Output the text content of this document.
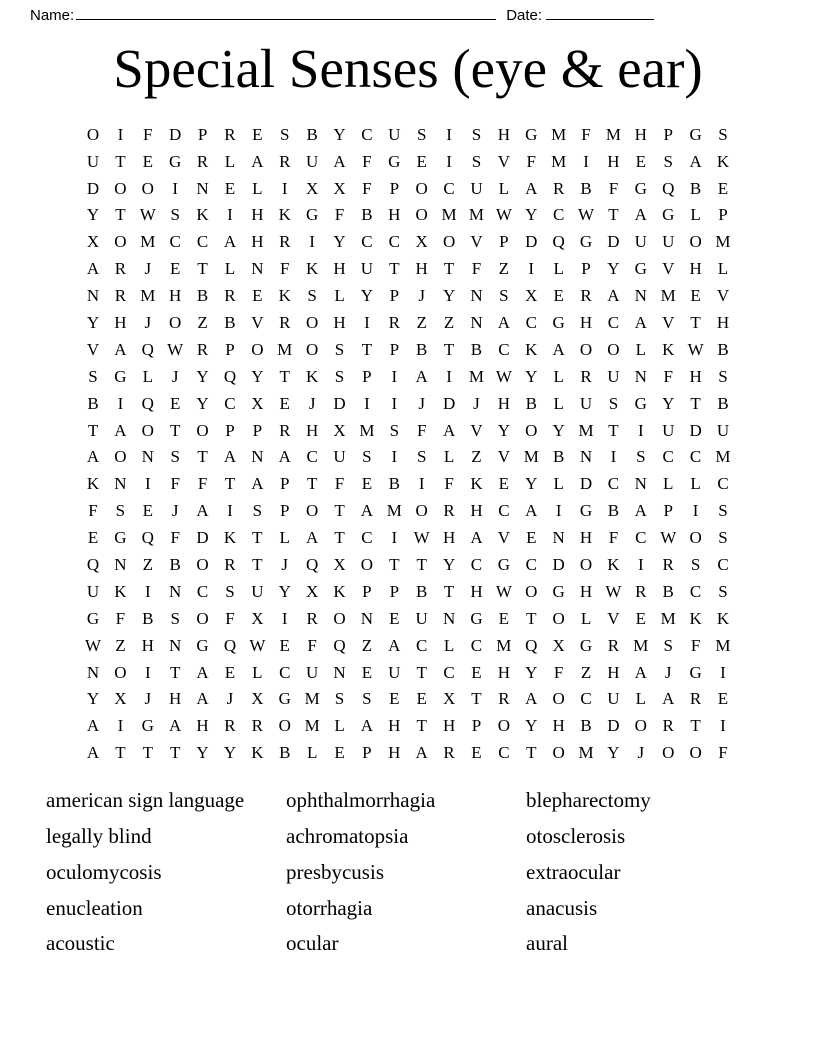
Name:	Date:
Special Senses (eye & ear)
O	I	F D P R E	S B Y C U S	I	S H G M F M H P G S
U T	E G R L A R U A F G E	I	S V F M	I	H E	S A K
D O O	I	N E	L	I	X X F	P O C U L A R B F G Q B E
Y T W S K	I	H K G F B H O M M W Y C W T A G L	P
X O M C C A H R	I	Y C C X O V P D Q G D U U O M
A R	J	E	T	L N F K H U T H T	F	Z	I	L	P Y G V H L
N R M H B R E K S	L Y P	J	Y N S X E R A N M E V
Y H	J	O Z B V R O H	I	R Z	Z N A C G H C A V T H
V A Q W R P O M O S	T	P B T B C K A O O L K W B
S G L	J	Y Q Y T K S	P	I	A	I M W Y L R U N F H S
B	I	Q E Y C X E	J	D	I	I	J	D	J	H B L U S G Y T B
T A O T O P	P R H X M S	F A V Y O Y M T	I	U D U
A O N S	T A N A C U S	I	S	L	Z V M B N	I	S C C M
K N	I	F	F	T A P	T	F	E B	I	F K E Y L D C N L	L C
F	S	E	J	A	I	S	P O T A M O R H C A	I	G B A P	I	S
E G Q F D K T	L A T C	I W H A V E N H F C W O S
Q N Z B O R T	J	Q X O T	T Y C G C D O K	I	R S C
U K	I	N C S U Y X K P	P B T H W O G H W R B C S
G F B S O F X	I	R O N E U N G E	T O L V E M K K
W Z H N G Q W E	F Q Z A C L C M Q X G R M S	F M
N O	I	T A E	L C U N E U T C E H Y F	Z H A	J	G	I
Y X	J	H A	J	X G M S	S	E	E X T R A O C U L A R E
A	I	G A H R R O M L A H T H P O Y H B D O R T	I
A T	T	T Y Y K B L	E	P H A R E C T O M Y	J	O O F
american sign language	ophthalmorrhagia	blepharectomy
legally blind	achromatopsia	otosclerosis
oculomycosis	presbycusis	extraocular
enucleation	otorrhagia	anacusis
acoustic	ocular	aural
